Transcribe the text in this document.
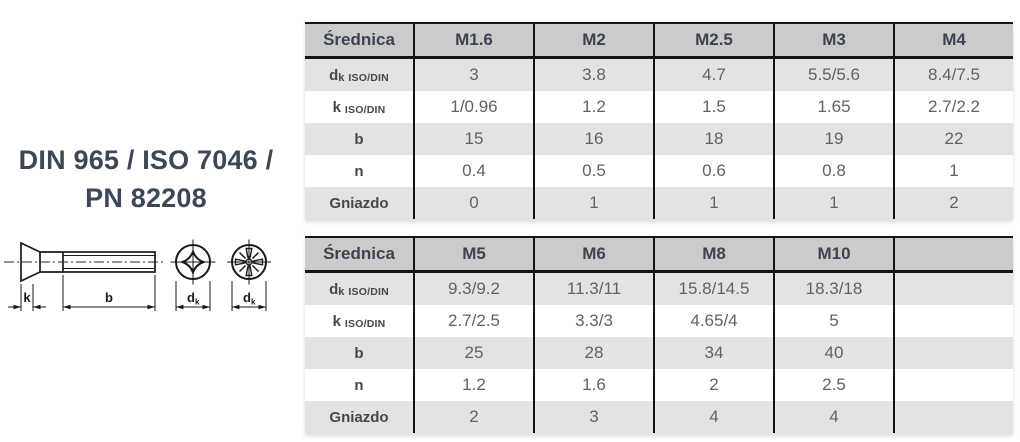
DIN 965 / ISO 7046 /
PN 82208
k	b	d k	d k
Średnica	M1.6	M2	M2.5	M3	M4
d k ISO/DIN	3	3.8	4.7	5.5/5.6	8.4/7.5
k ISO/DIN	1/0.96	1.2	1.5	1.65	2.7/2.2
b	15	16	18	19	22
n	0.4	0.5	0.6	0.8	1
Gniazdo	0	1	1	1	2
Średnica	M5	M6	M8	M10
d k ISO/DIN	9.3/9.2	11.3/11	15.8/14.5	18.3/18
k ISO/DIN	2.7/2.5	3.3/3	4.65/4	5
b	25	28	34	40
n	1.2	1.6	2	2.5
Gniazdo	2	3	4	4
